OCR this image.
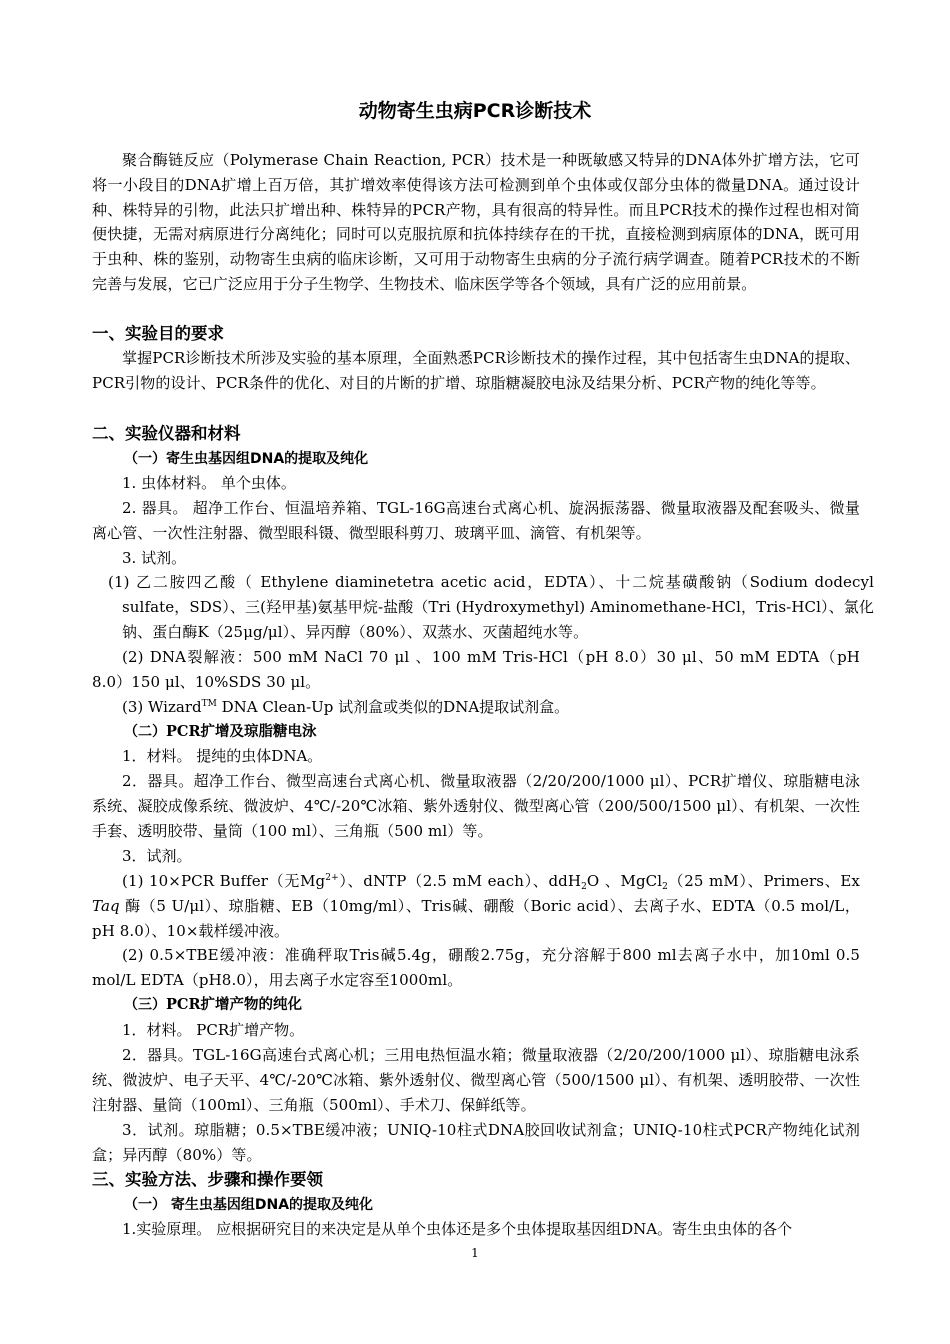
动物寄生虫病PCR诊断技术
聚合酶链反应（Polymerase Chain Reaction, PCR）技术是一种既敏感又特异的DNA体外扩增方法，它可将一小段目的DNA扩增上百万倍，其扩增效率使得该方法可检测到单个虫体或仅部分虫体的微量DNA。通过设计种、株特异的引物，此法只扩增出种、株特异的PCR产物，具有很高的特异性。而且PCR技术的操作过程也相对简便快捷，无需对病原进行分离纯化；同时可以克服抗原和抗体持续存在的干扰，直接检测到病原体的DNA，既可用于虫种、株的鉴别，动物寄生虫病的临床诊断，又可用于动物寄生虫病的分子流行病学调查。随着PCR技术的不断完善与发展，它已广泛应用于分子生物学、生物技术、临床医学等各个领域，具有广泛的应用前景。
一、实验目的要求
掌握PCR诊断技术所涉及实验的基本原理，全面熟悉PCR诊断技术的操作过程，其中包括寄生虫DNA的提取、PCR引物的设计、PCR条件的优化、对目的片断的扩增、琼脂糖凝胶电泳及结果分析、PCR产物的纯化等等。
二、实验仪器和材料
（一）寄生虫基因组DNA的提取及纯化
1. 虫体材料。 单个虫体。
2. 器具。 超净工作台、恒温培养箱、TGL-16G高速台式离心机、旋涡振荡器、微量取液器及配套吸头、微量离心管、一次性注射器、微型眼科镊、微型眼科剪刀、玻璃平皿、滴管、有机架等。
3. 试剂。
(1) 乙二胺四乙酸（ Ethylene diaminetetra acetic acid，EDTA）、十二烷基磺酸钠（Sodium dodecyl sulfate，SDS）、三(羟甲基)氨基甲烷-盐酸（Tri (Hydroxymethyl) Aminomethane-HCl，Tris-HCl）、氯化钠、蛋白酶K（25μg/μl）、异丙醇（80%）、双蒸水、灭菌超纯水等。
(2) DNA裂解液：500 mM NaCl 70 μl 、100 mM Tris-HCl（pH 8.0）30 μl、50 mM EDTA（pH 8.0）150 μl、10%SDS 30 μl。
(3) Wizard™ DNA Clean-Up 试剂盒或类似的DNA提取试剂盒。
（二）PCR扩增及琼脂糖电泳
1．材料。 提纯的虫体DNA。
2．器具。超净工作台、微型高速台式离心机、微量取液器（2/20/200/1000 μl）、PCR扩增仪、琼脂糖电泳系统、凝胶成像系统、微波炉、4℃/-20℃冰箱、紫外透射仪、微型离心管（200/500/1500 μl）、有机架、一次性手套、透明胶带、量筒（100 ml）、三角瓶（500 ml）等。
3．试剂。
(1) 10×PCR Buffer（无$Mg^{2+}$）、dNTP（2.5 mM each）、ddH$_2$O 、MgCl$_2$（25 mM）、Primers、Ex Taq 酶（5 U/μl）、琼脂糖、EB（10mg/ml）、Tris碱、硼酸（Boric acid）、去离子水、EDTA（0.5 mol/L，pH 8.0）、10×载样缓冲液。
(2) 0.5×TBE缓冲液：准确秤取Tris碱5.4g，硼酸2.75g，充分溶解于800 ml去离子水中，加10ml 0.5 mol/L EDTA（pH8.0），用去离子水定容至1000ml。
（三）PCR扩增产物的纯化
1．材料。 PCR扩增产物。
2．器具。TGL-16G高速台式离心机；三用电热恒温水箱；微量取液器（2/20/200/1000 μl）、琼脂糖电泳系统、微波炉、电子天平、4℃/-20℃冰箱、紫外透射仪、微型离心管（500/1500 μl）、有机架、透明胶带、一次性注射器、量筒（100ml）、三角瓶（500ml）、手术刀、保鲜纸等。
3．试剂。琼脂糖；0.5×TBE缓冲液；UNIQ-10柱式DNA胶回收试剂盒；UNIQ-10柱式PCR产物纯化试剂盒；异丙醇（80%）等。
三、实验方法、步骤和操作要领
（一） 寄生虫基因组DNA的提取及纯化
1.实验原理。 应根据研究目的来决定是从单个虫体还是多个虫体提取基因组DNA。寄生虫虫体的各个
1
